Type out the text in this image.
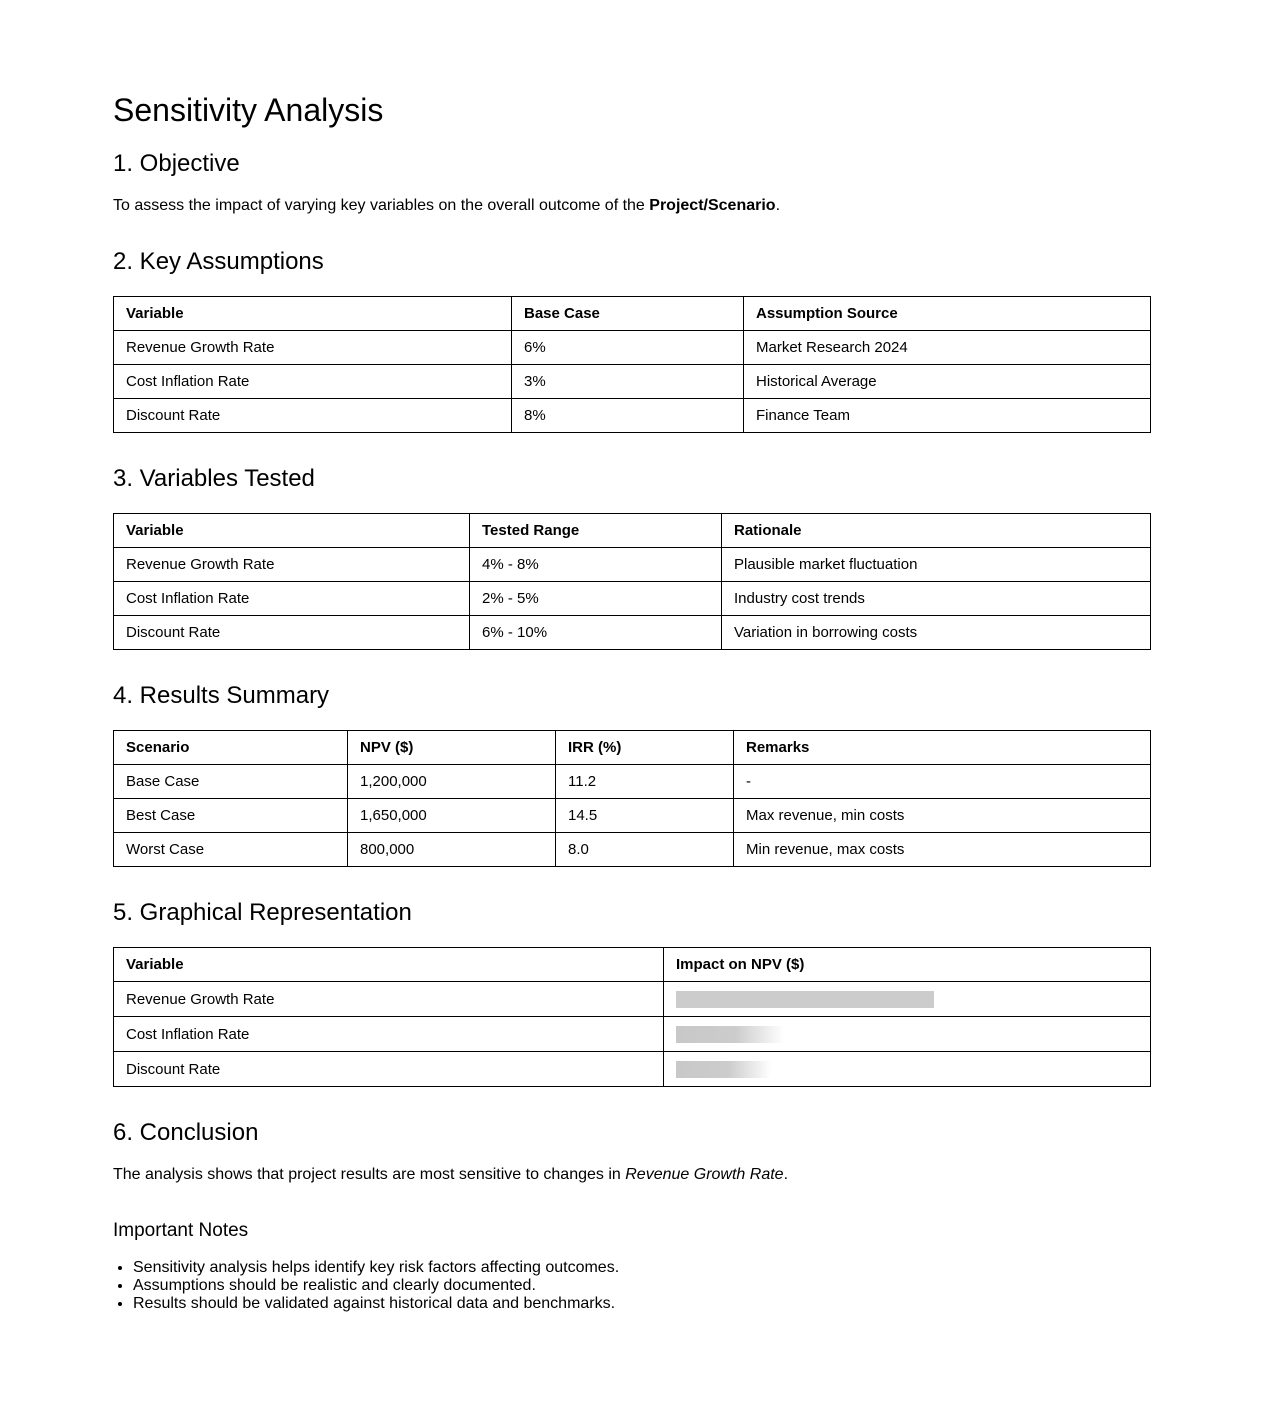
Sensitivity Analysis
1. Objective

To assess the impact of varying key variables on the overall outcome of the Project/Scenario.

2. Key Assumptions
Variable	Base Case	Assumption Source
Revenue Growth Rate	6%	Market Research 2024
Cost Inflation Rate	3%	Historical Average
Discount Rate	8%	Finance Team
3. Variables Tested
Variable	Tested Range	Rationale
Revenue Growth Rate	4% - 8%	Plausible market fluctuation
Cost Inflation Rate	2% - 5%	Industry cost trends
Discount Rate	6% - 10%	Variation in borrowing costs
4. Results Summary
Scenario	NPV ($)	IRR (%)	Remarks
Base Case	1,200,000	11.2	-
Best Case	1,650,000	14.5	Max revenue, min costs
Worst Case	800,000	8.0	Min revenue, max costs
5. Graphical Representation
Variable	Impact on NPV ($)
Revenue Growth Rate	

Cost Inflation Rate	

Discount Rate	
6. Conclusion

The analysis shows that project results are most sensitive to changes in Revenue Growth Rate.

Important Notes
• Sensitivity analysis helps identify key risk factors affecting outcomes.
• Assumptions should be realistic and clearly documented.
• Results should be validated against historical data and benchmarks.
